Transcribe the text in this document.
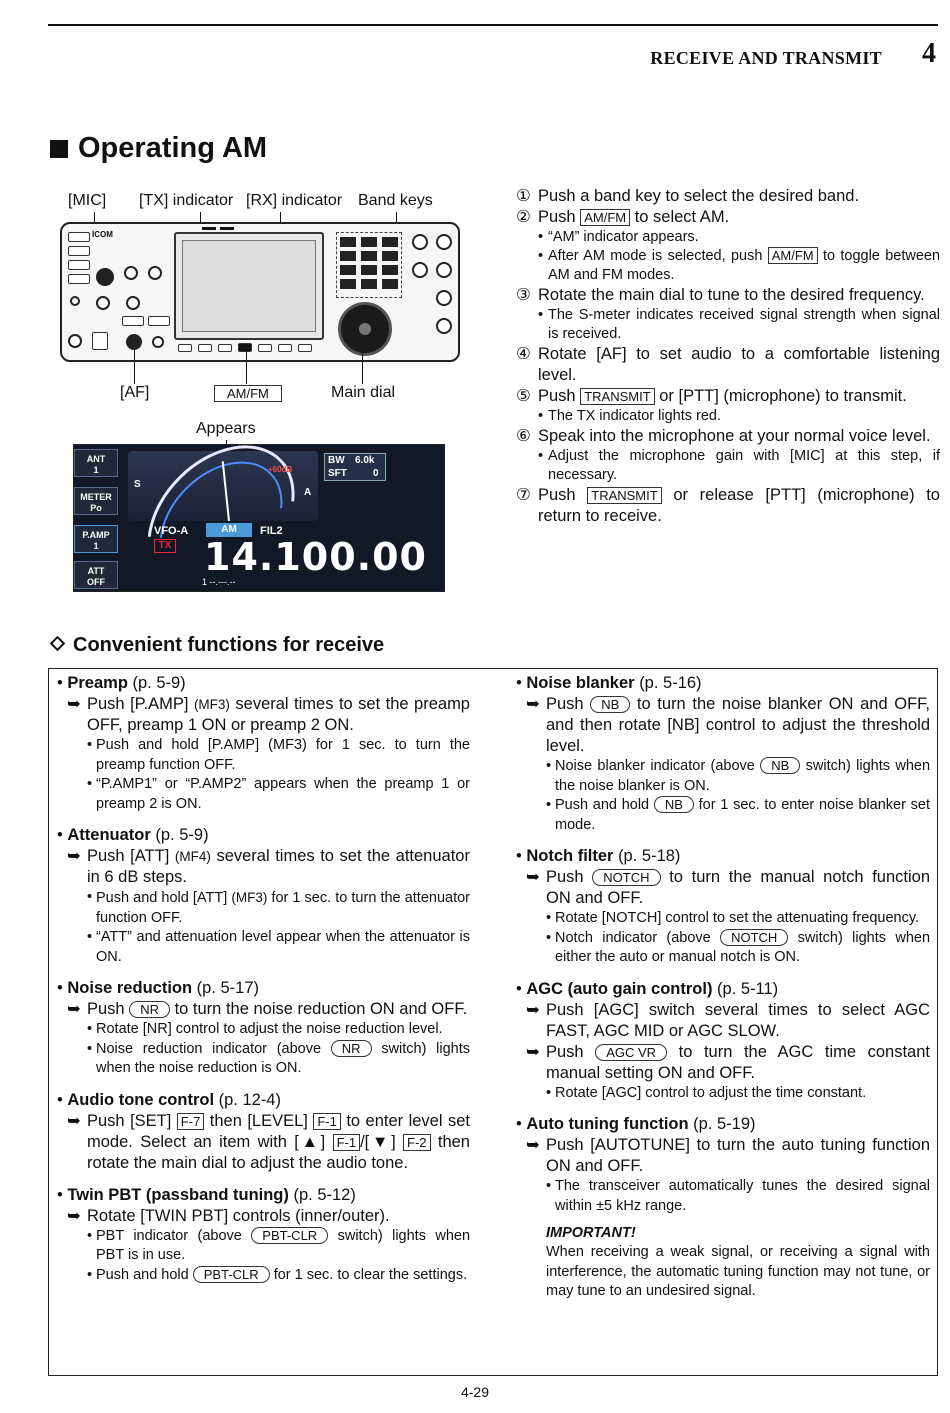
RECEIVE AND TRANSMIT 4
Operating AM
[MIC] [TX] indicator [RX] indicator Band keys
ICOM
[AF]	AM/FM	Main dial
Appears
ANT
1
METER
Po
P.AMP
1
ATT
OFF
S
A
+60dB
BW 6.0k
SFT	0
VFO-A	AM	FIL2
TX 14.100.00
1 --.---.--
① Push a band key to select the desired band.
② Push AM/FM to select AM.
• “AM” indicator appears.
• After AM mode is selected, push AM/FM to toggle between AM and FM modes.
③ Rotate the main dial to tune to the desired frequency.
• The S-meter indicates received signal strength when signal is received.
④ Rotate [AF] to set audio to a comfortable listening level.
⑤ Push TRANSMIT or [PTT] (microphone) to transmit.
• The TX indicator lights red.
⑥ Speak into the microphone at your normal voice level.
• Adjust the microphone gain with [MIC] at this step, if necessary.
⑦ Push TRANSMIT or release [PTT] (microphone) to return to receive.
Convenient functions for receive
• Preamp (p. 5-9)
➥ Push [P.AMP] (MF3) several times to set the preamp OFF, preamp 1 ON or preamp 2 ON.
• Push and hold [P.AMP] (MF3) for 1 sec. to turn the preamp function OFF.
• “P.AMP1” or “P.AMP2” appears when the preamp 1 or preamp 2 is ON.
• Attenuator (p. 5-9)
➥ Push [ATT] (MF4) several times to set the attenuator in 6 dB steps.
• Push and hold [ATT] (MF3) for 1 sec. to turn the attenuator function OFF.
• “ATT” and attenuation level appear when the attenuator is ON.
• Noise reduction (p. 5-17)
➥ Push NR to turn the noise reduction ON and OFF.
• Rotate [NR] control to adjust the noise reduction level.
• Noise reduction indicator (above NR switch) lights when the noise reduction is ON.
• Audio tone control (p. 12-4)
➥ Push [SET] F-7 then [LEVEL] F-1 to enter level set mode. Select an item with [▲] F-1 /[▼] F-2 then rotate the main dial to adjust the audio tone.
• Twin PBT (passband tuning) (p. 5-12)
➥ Rotate [TWIN PBT] controls (inner/outer).
• PBT indicator (above PBT-CLR switch) lights when PBT is in use.
• Push and hold PBT-CLR for 1 sec. to clear the settings.
• Noise blanker (p. 5-16)
➥ Push NB to turn the noise blanker ON and OFF, and then rotate [NB] control to adjust the threshold level.
• Noise blanker indicator (above NB switch) lights when the noise blanker is ON.
• Push and hold NB for 1 sec. to enter noise blanker set mode.
• Notch filter (p. 5-18)
➥ Push NOTCH to turn the manual notch function ON and OFF.
• Rotate [NOTCH] control to set the attenuating frequency.
• Notch indicator (above NOTCH switch) lights when either the auto or manual notch is ON.
• AGC (auto gain control) (p. 5-11)
➥ Push [AGC] switch several times to select AGC FAST, AGC MID or AGC SLOW.
➥ Push AGC VR to turn the AGC time constant manual setting ON and OFF.
• Rotate [AGC] control to adjust the time constant.
• Auto tuning function (p. 5-19)
➥ Push [AUTOTUNE] to turn the auto tuning function ON and OFF.
• The transceiver automatically tunes the desired signal within ±5 kHz range.
IMPORTANT!
When receiving a weak signal, or receiving a signal with interference, the automatic tuning function may not tune, or may tune to an undesired signal.
4-29
